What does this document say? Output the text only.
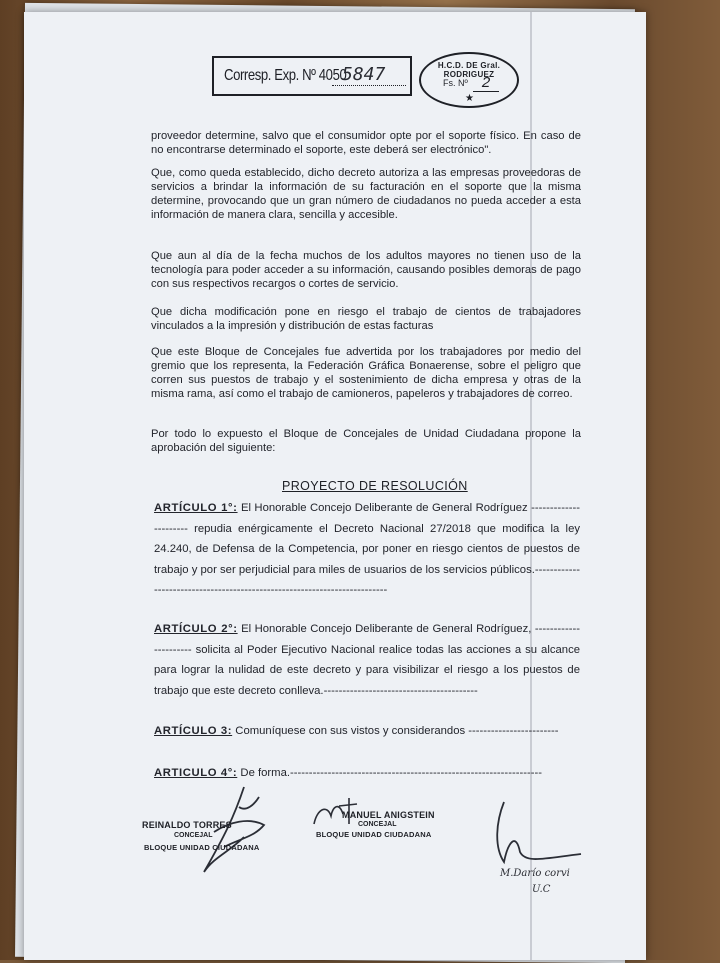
Corresp. Exp. Nº 4050
5847	H.C.D. DE Gral. RODRIGUEZ
Fs. Nº 2
★
proveedor determine, salvo que el consumidor opte por el soporte físico. En caso de no encontrarse determinado el soporte, este deberá ser electrónico".
Que, como queda establecido, dicho decreto autoriza a las empresas proveedoras de servicios a brindar la información de su facturación en el soporte que la misma determine, provocando que un gran número de ciudadanos no pueda acceder a esta información de manera clara, sencilla y accesible.
Que aun al día de la fecha muchos de los adultos mayores no tienen uso de la tecnología para poder acceder a su información, causando posibles demoras de pago con sus respectivos recargos o cortes de servicio.
Que dicha modificación pone en riesgo el trabajo de cientos de trabajadores vinculados a la impresión y distribución de estas facturas
Que este Bloque de Concejales fue advertida por los trabajadores por medio del gremio que los representa, la Federación Gráfica Bonaerense, sobre el peligro que corren sus puestos de trabajo y el sostenimiento de dicha empresa y otras de la misma rama, así como el trabajo de camioneros, papeleros y trabajadores de correo.
Por todo lo expuesto el Bloque de Concejales de Unidad Ciudadana propone la aprobación del siguiente:
PROYECTO DE RESOLUCIÓN
ARTÍCULO 1°: El Honorable Concejo Deliberante de General Rodríguez ---------------------- repudia enérgicamente el Decreto Nacional 27/2018 que modifica la ley 24.240, de Defensa de la Competencia, por poner en riesgo cientos de puestos de trabajo y por ser perjudicial para miles de usuarios de los servicios públicos.--------------------------------------------------------------------------
ARTÍCULO 2°: El Honorable Concejo Deliberante de General Rodríguez, ---------------------- solicita al Poder Ejecutivo Nacional realice todas las acciones a su alcance para lograr la nulidad de este decreto y para visibilizar el riesgo a los puestos de trabajo que este decreto conlleva.-----------------------------------------
ARTÍCULO 3: Comuníquese con sus vistos y considerandos ------------------------
ARTICULO 4°: De forma.-------------------------------------------------------------------
REINALDO TORRES
CONCEJAL
BLOQUE UNIDAD CIUDADANA
MANUEL ANIGSTEIN
CONCEJAL
BLOQUE UNIDAD CIUDADANA
M.Darío corvi
U.C
